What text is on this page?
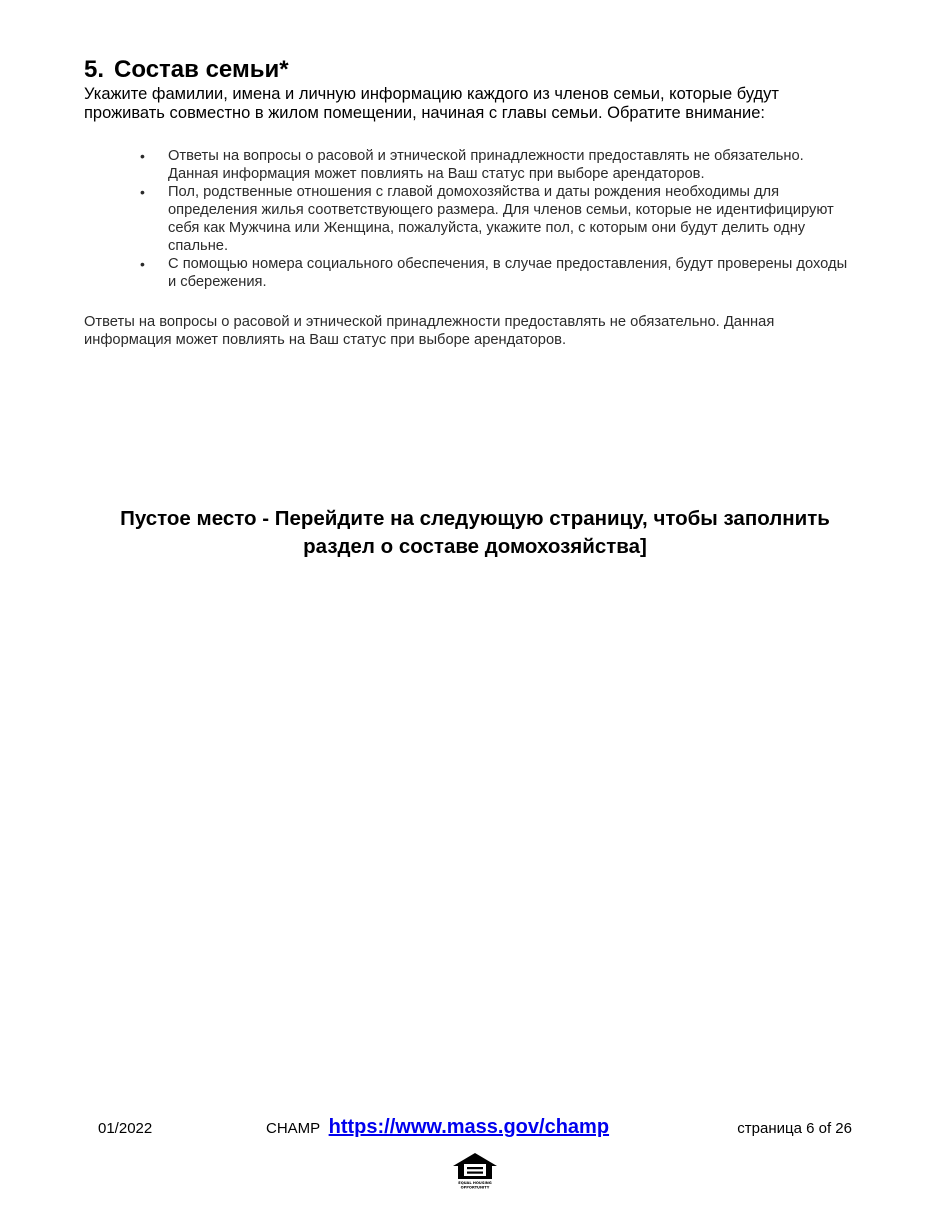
5. Состав семьи*

Укажите фамилии, имена и личную информацию каждого из членов семьи, которые будут проживать совместно в жилом помещении, начиная с главы семьи. Обратите внимание:

• Ответы на вопросы о расовой и этнической принадлежности предоставлять не обязательно. Данная информация может повлиять на Ваш статус при выборе арендаторов.
• Пол, родственные отношения с главой домохозяйства и даты рождения необходимы для определения жилья соответствующего размера. Для членов семьи, которые не идентифицируют себя как Мужчина или Женщина, пожалуйста, укажите пол, с которым они будут делить одну спальне.
• С помощью номера социального обеспечения, в случае предоставления, будут проверены доходы и сбережения.

Ответы на вопросы о расовой и этнической принадлежности предоставлять не обязательно. Данная информация может повлиять на Ваш статус при выборе арендаторов.

Пустое место - Перейдите на следующую страницу, чтобы заполнить
раздел о составе домохозяйства]
01/2022	CHAMP https://www.mass.gov/champ	страница 6 of 26
EQUAL HOUSING
OPPORTUNITY
